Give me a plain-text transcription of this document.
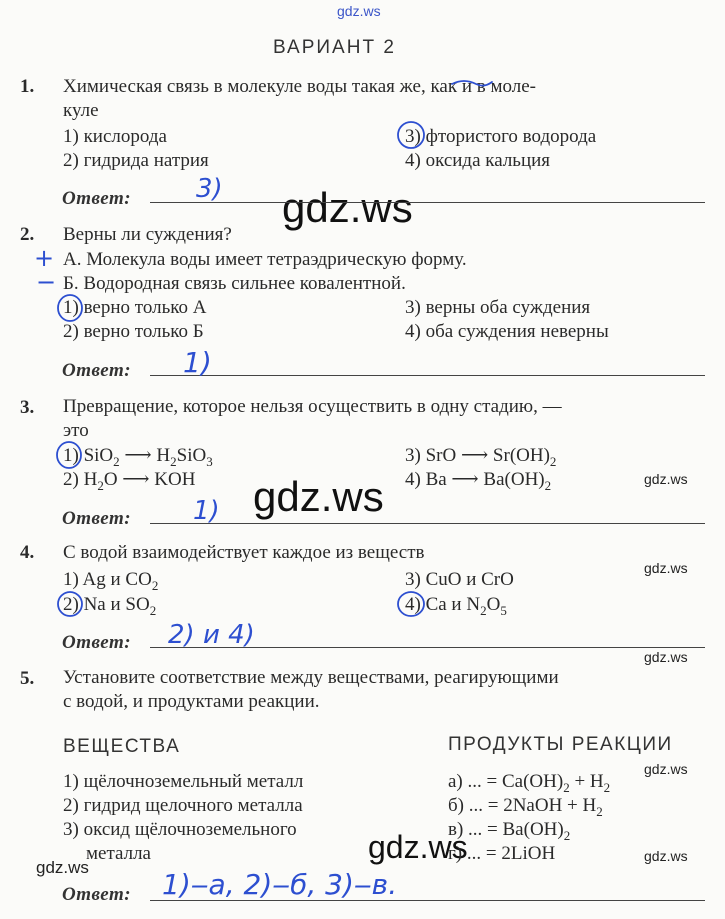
gdz.ws
gdz.ws
gdz.ws
gdz.ws
gdz.ws
gdz.ws
gdz.ws
gdz.ws
gdz.ws
gdz.ws
ВАРИАНТ 2
1. Химическая связь в молекуле воды такая же, как и в моле-
куле
1) кислорода
2) гидрида натрия
3) фтористого водорода
4) оксида кальция
Ответ: 3)
2. Верны ли суждения?
+ А. Молекула воды имеет тетраэдрическую форму.
− Б. Водородная связь сильнее ковалентной.
1) верно только А
2) верно только Б
3) верны оба суждения
4) оба суждения неверны
Ответ: 1)
3. Превращение, которое нельзя осуществить в одну стадию, —
это
1) SiO$_2$ ⟶ $H_2SiO_3$
2) $H_2O$ ⟶ KOH
3) SrO ⟶ $Sr(OH)_2$
4) Ba ⟶ $Ba(OH)_2$
Ответ: 1)
4. С водой взаимодействует каждое из веществ
1) Ag и $CO_2$
2) Na и $SO_2$
3) CuO и CrO
4) Ca и $N_2O_5$
Ответ: 2) и 4)
5. Установите соответствие между веществами, реагирующими
с водой, и продуктами реакции.
ВЕЩЕСТВА	ПРОДУКТЫ РЕАКЦИИ
1) щёлочноземельный металл
2) гидрид щелочного металла
3) оксид щёлочноземельного
металла
а) ... = $Ca(OH)_2 + H_2$
б) ... = 2NaOH + $H_2$
в) ... = $Ba(OH)_2$
г) ... = 2LiOH
Ответ: 1)‒а, 2)‒б, 3)‒в.
